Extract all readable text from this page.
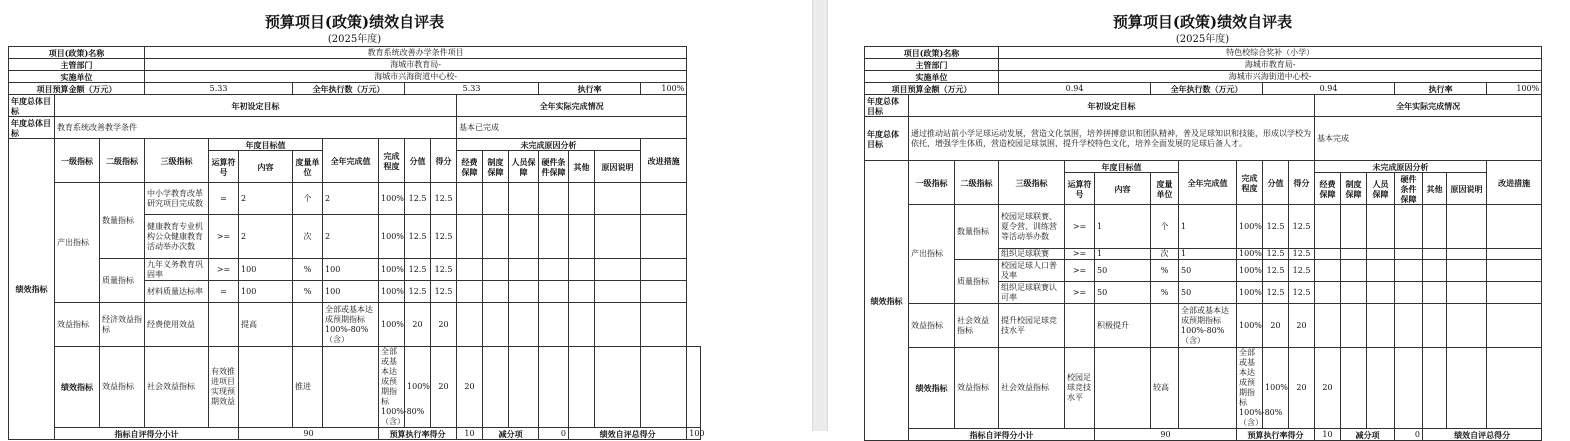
预算项目(政策)绩效自评表
(2025年度)
项目(政策)名称			教育系统改善办学条件项目															
主管部门			海城市教育局-															
实施单位			海城市兴海街道中心校-															
项目预算金额（万元）			5.33			全年执行数（万元）			5.33					执行率			100%	
年度总体目标	年初设定目标										全年实际完成情况							
年度总体目标	教育系统改善教学条件										基本已完成							
绩效指标	一级指标	二级指标	三级指标	年度目标值			全年完成值	完成程度	分值	得分	未完成原因分析						改进措施	
				运算符号	内容	度量单位					经费保障	制度保障	人员保障	硬件条件保障	其他	原因说明		
	产出指标	数量指标	中小学教育改革研究项目完成数	=	2	个	2	100%	12.5	12.5								
			健康教育专业机构公众健康教育活动举办次数	>=	2	次	2	100%	12.5	12.5								
		质量指标	九年义务教育巩固率	>=	100	%	100	100%	12.5	12.5								
			材料质量达标率	=	100	%	100	100%	12.5	12.5								
	效益指标	经济效益指标	经费使用效益		提高		全部或基本达成预期指标100%-80%（含）	100%	20	20								
	绩效指标	效益指标	社会效益指标	有效推进项目实现预期效益		推进		全部或基本达成预期指标100%-80%（含）	100%	20	20							
	指标自评得分小计				90			预算执行率得分			10	减分项		0	绩效自评总得分			100
预算项目(政策)绩效自评表
(2025年度)
项目(政策)名称			特色校综合奖补（小学）															
主管部门			海城市教育局-															
实施单位			海城市兴海街道中心校-															
项目预算金额（万元）			0.94			全年执行数（万元）			0.94					执行率			100%	
年度总体目标	年初设定目标										全年实际完成情况							
年度总体目标	通过推动站前小学足球运动发展，营造文化氛围，培养拼搏意识和团队精神，普及足球知识和技能，形成以学校为依托，增强学生体质，营造校园足球氛围，提升学校特色文化，培养全面发展的足球后备人才。										基本完成							
绩效指标	一级指标	二级指标	三级指标	年度目标值			全年完成值	完成程度	分值	得分	未完成原因分析						改进措施	
				运算符号	内容	度量单位					经费保障	制度保障	人员保障	硬件条件保障	其他	原因说明		
	产出指标	数量指标	校园足球联赛、夏令营、训练营等活动举办数	>=	1	个	1	100%	12.5	12.5								
			组织足球联赛	>=	1	次	1	100%	12.5	12.5								
		质量指标	校园足球人口普及率	>=	50	%	50	100%	12.5	12.5								
			组织足球联赛认可率	>=	50	%	50	100%	12.5	12.5								
	效益指标	社会效益指标	提升校园足球竞技水平		积极提升		全部或基本达成预期指标100%-80%（含）	100%	20	20								
	绩效指标	效益指标	社会效益指标	校园足球竞技水平		较高		全部或基本达成预期指标100%-80%（含）	100%	20	20							
	指标自评得分小计				90			预算执行率得分			10	减分项		0	绩效自评总得分	
